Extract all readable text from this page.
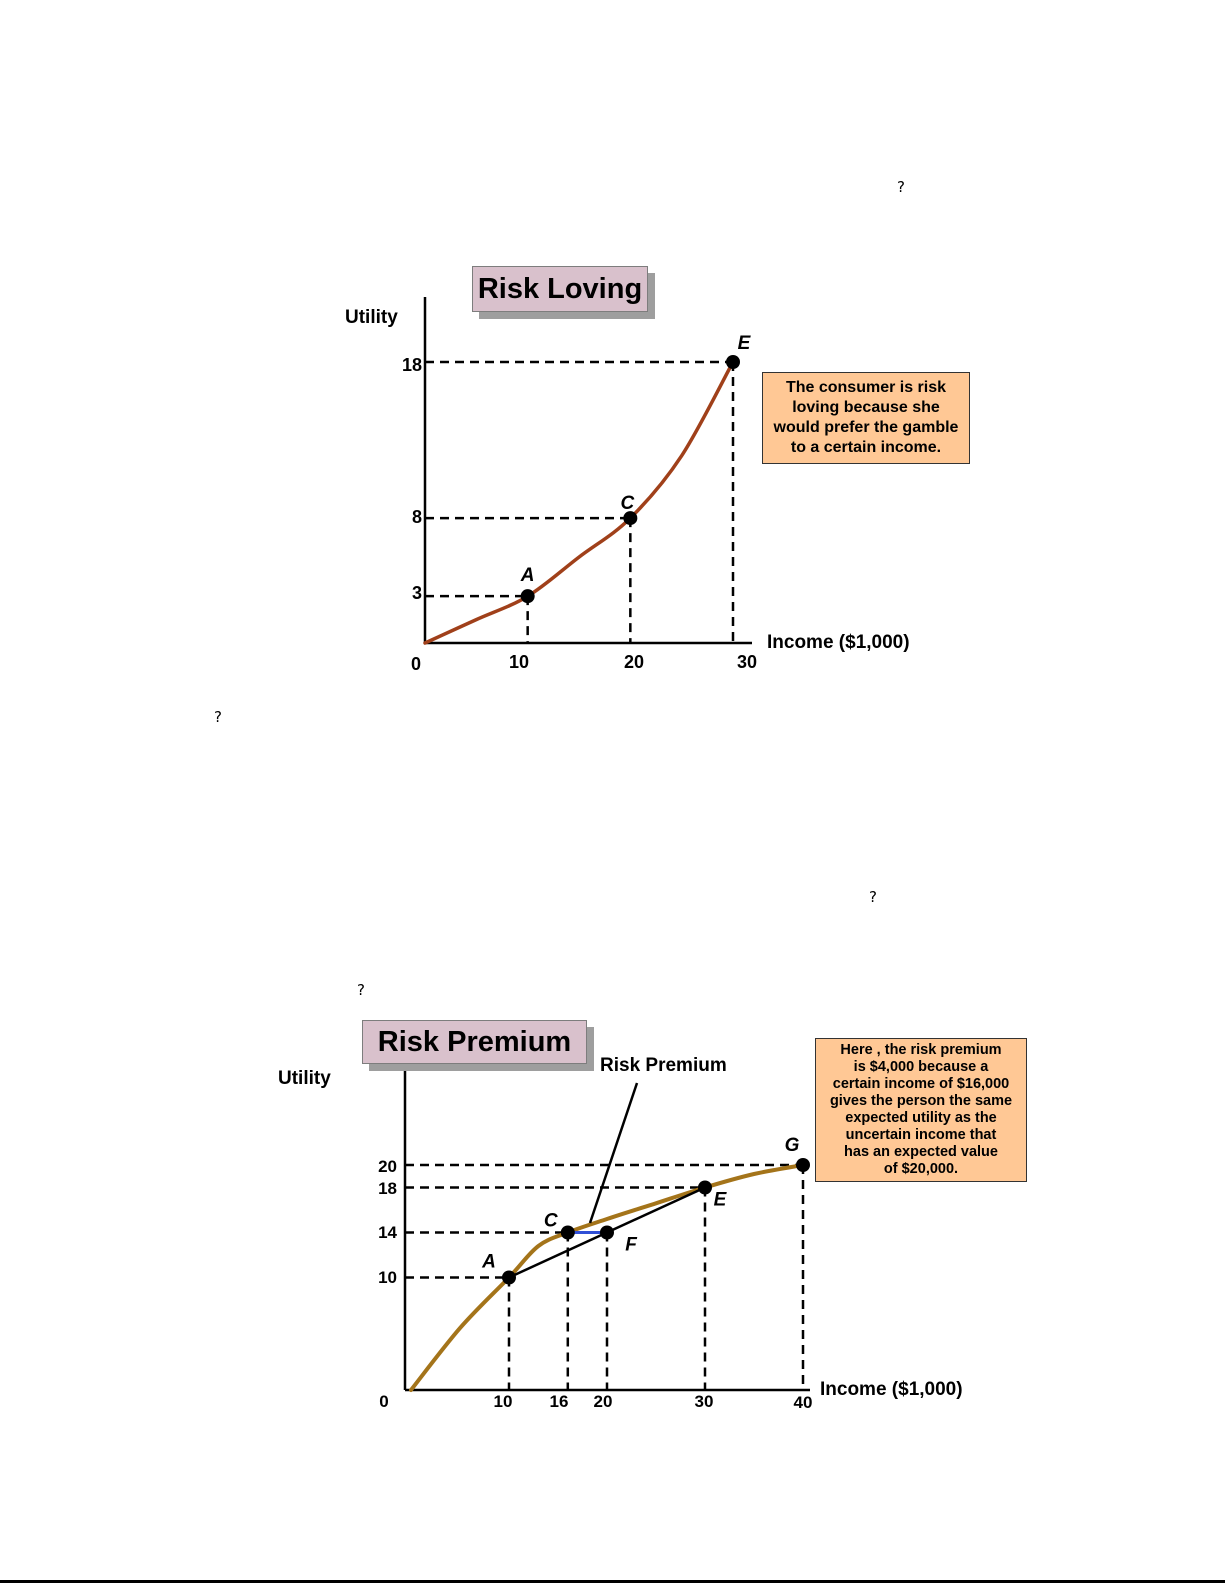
?
?
?
?
A
C
E
Utility
Income ($1,000)
0	10	20	30
3
8
18
A
C
F
E
G
Risk Premium
Utility
Income ($1,000)
0	10 16 20	30	40
10
14
18
20
Risk Loving
The consumer is risk
loving because she
would prefer the gamble
to a certain income.
Risk Premium	Here , the risk premium
is $4,000 because a
certain income of $16,000
gives the person the same
expected utility as the
uncertain income that
has an expected value
of $20,000.
